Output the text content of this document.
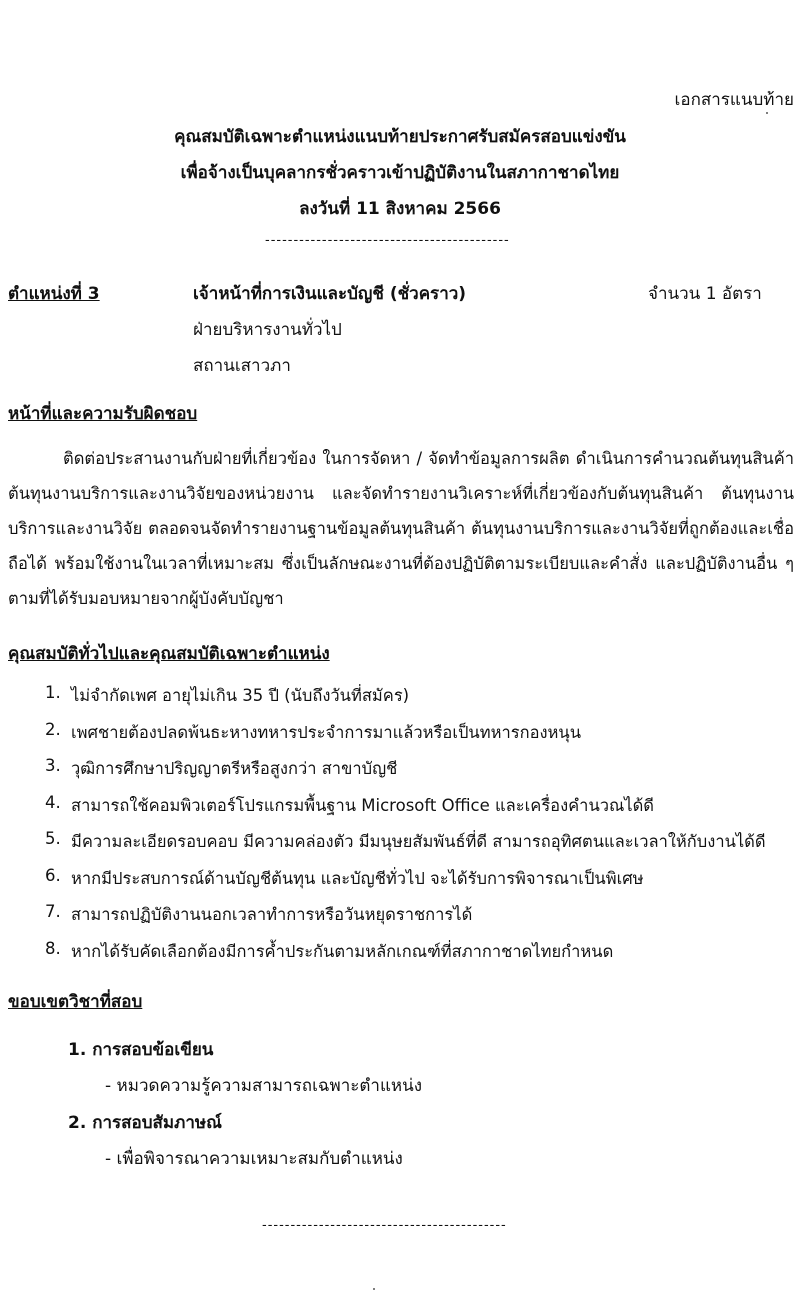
เอกสารแนบท้าย
คุณสมบัติเฉพาะตำแหน่งแนบท้ายประกาศรับสมัครสอบแข่งขัน
เพื่อจ้างเป็นบุคลากรชั่วคราวเข้าปฏิบัติงานในสภากาชาดไทย
ลงวันที่ 11 สิงหาคม 2566
-------------------------------------------
ตำแหน่งที่ 3	เจ้าหน้าที่การเงินและบัญชี (ชั่วคราว)	จำนวน 1 อัตรา
ฝ่ายบริหารงานทั่วไป
สถานเสาวภา
หน้าที่และความรับผิดชอบ
ติดต่อประสานงานกับฝ่ายที่เกี่ยวข้อง ในการจัดหา / จัดทำข้อมูลการผลิต ดำเนินการคำนวณต้นทุนสินค้า ต้นทุนงานบริการและงานวิจัยของหน่วยงาน และจัดทำรายงานวิเคราะห์ที่เกี่ยวข้องกับต้นทุนสินค้า ต้นทุนงานบริการและงานวิจัย ตลอดจนจัดทำรายงานฐานข้อมูลต้นทุนสินค้า ต้นทุนงานบริการและงานวิจัยที่ถูกต้องและเชื่อถือได้ พร้อมใช้งานในเวลาที่เหมาะสม ซึ่งเป็นลักษณะงานที่ต้องปฏิบัติตามระเบียบและคำสั่ง และปฏิบัติงานอื่น ๆ ตามที่ได้รับมอบหมายจากผู้บังคับบัญชา
คุณสมบัติทั่วไปและคุณสมบัติเฉพาะตำแหน่ง
1. ไม่จำกัดเพศ อายุไม่เกิน 35 ปี (นับถึงวันที่สมัคร)
2. เพศชายต้องปลดพ้นธะหางทหารประจำการมาแล้วหรือเป็นทหารกองหนุน
3. วุฒิการศึกษาปริญญาตรีหรือสูงกว่า สาขาบัญชี
4. สามารถใช้คอมพิวเตอร์โปรแกรมพื้นฐาน Microsoft Office และเครื่องคำนวณได้ดี
5. มีความละเอียดรอบคอบ มีความคล่องตัว มีมนุษยสัมพันธ์ที่ดี สามารถอุทิศตนและเวลาให้กับงานได้ดี
6. หากมีประสบการณ์ด้านบัญชีต้นทุน และบัญชีทั่วไป จะได้รับการพิจารณาเป็นพิเศษ
7. สามารถปฏิบัติงานนอกเวลาทำการหรือวันหยุดราชการได้
8. หากได้รับคัดเลือกต้องมีการค้ำประกันตามหลักเกณฑ์ที่สภากาชาดไทยกำหนด
ขอบเขตวิชาที่สอบ
1. การสอบข้อเขียน
- หมวดความรู้ความสามารถเฉพาะตำแหน่ง
2. การสอบสัมภาษณ์
- เพื่อพิจารณาความเหมาะสมกับตำแหน่ง
-------------------------------------------
